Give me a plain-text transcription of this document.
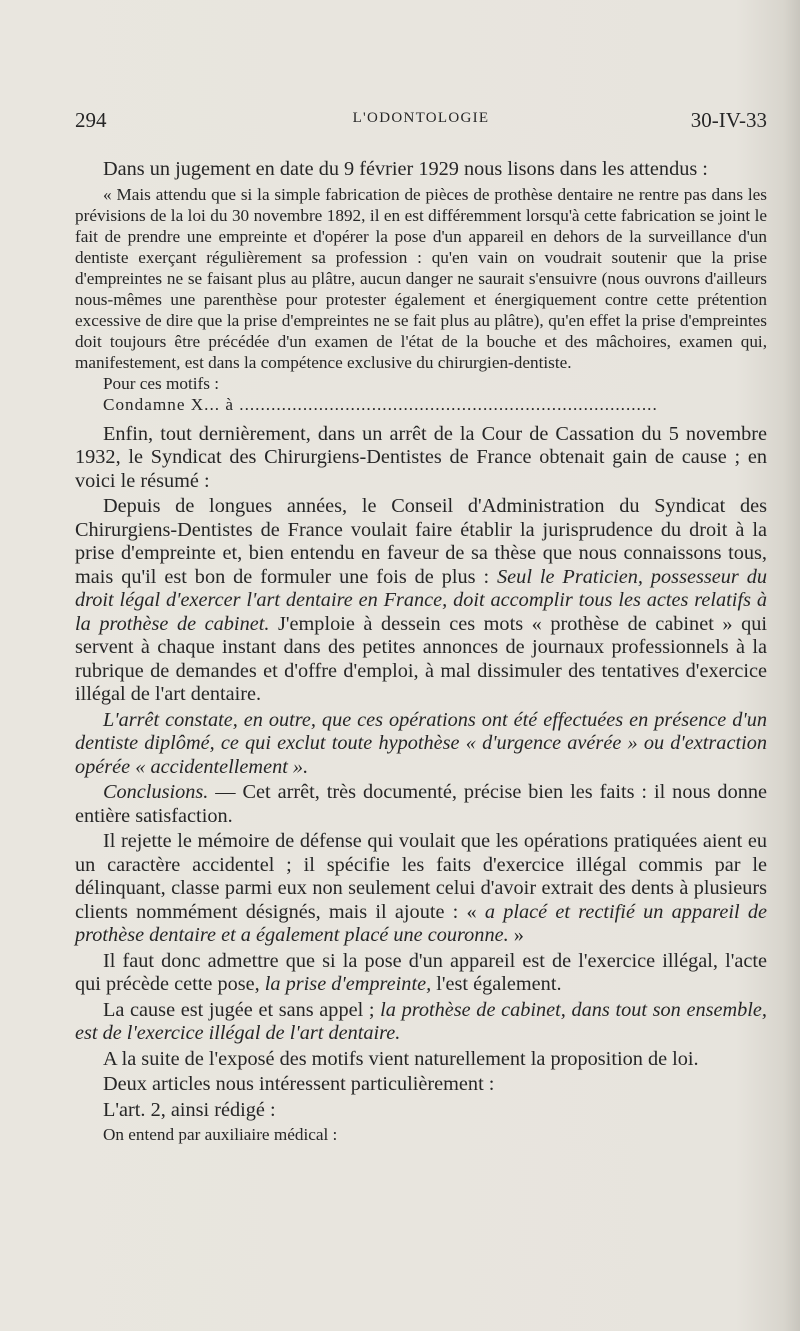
294	L'ODONTOLOGIE	30-IV-33

Dans un jugement en date du 9 février 1929 nous lisons dans les attendus :

« Mais attendu que si la simple fabrication de pièces de prothèse dentaire ne rentre pas dans les prévisions de la loi du 30 novembre 1892, il en est différemment lorsqu'à cette fabrication se joint le fait de prendre une empreinte et d'opérer la pose d'un appareil en dehors de la surveillance d'un dentiste exerçant régulièrement sa profession : qu'en vain on voudrait soutenir que la prise d'empreintes ne se faisant plus au plâtre, aucun danger ne saurait s'ensuivre (nous ouvrons d'ailleurs nous-mêmes une parenthèse pour protester également et énergiquement contre cette prétention excessive de dire que la prise d'empreintes ne se fait plus au plâtre), qu'en effet la prise d'empreintes doit toujours être précédée d'un examen de l'état de la bouche et des mâchoires, examen qui, manifestement, est dans la compétence exclusive du chirurgien-dentiste.

Pour ces motifs :

Condamne X... à ...............................................................................

Enfin, tout dernièrement, dans un arrêt de la Cour de Cassation du 5 novembre 1932, le Syndicat des Chirurgiens-Dentistes de France obtenait gain de cause ; en voici le résumé :

Depuis de longues années, le Conseil d'Administration du Syndicat des Chirurgiens-Dentistes de France voulait faire établir la jurisprudence du droit à la prise d'empreinte et, bien entendu en faveur de sa thèse que nous connaissons tous, mais qu'il est bon de formuler une fois de plus : Seul le Praticien, possesseur du droit légal d'exercer l'art dentaire en France, doit accomplir tous les actes relatifs à la prothèse de cabinet. J'emploie à dessein ces mots « prothèse de cabinet » qui servent à chaque instant dans des petites annonces de journaux professionnels à la rubrique de demandes et d'offre d'emploi, à mal dissimuler des tentatives d'exercice illégal de l'art dentaire.

L'arrêt constate, en outre, que ces opérations ont été effectuées en présence d'un dentiste diplômé, ce qui exclut toute hypothèse « d'urgence avérée » ou d'extraction opérée « accidentellement ».

Conclusions. — Cet arrêt, très documenté, précise bien les faits : il nous donne entière satisfaction.

Il rejette le mémoire de défense qui voulait que les opérations pratiquées aient eu un caractère accidentel ; il spécifie les faits d'exercice illégal commis par le délinquant, classe parmi eux non seulement celui d'avoir extrait des dents à plusieurs clients nommément désignés, mais il ajoute : « a placé et rectifié un appareil de prothèse dentaire et a également placé une couronne. »

Il faut donc admettre que si la pose d'un appareil est de l'exercice illégal, l'acte qui précède cette pose, la prise d'empreinte, l'est également.

La cause est jugée et sans appel ; la prothèse de cabinet, dans tout son ensemble, est de l'exercice illégal de l'art dentaire.

A la suite de l'exposé des motifs vient naturellement la proposition de loi.

Deux articles nous intéressent particulièrement :

L'art. 2, ainsi rédigé :

On entend par auxiliaire médical :
